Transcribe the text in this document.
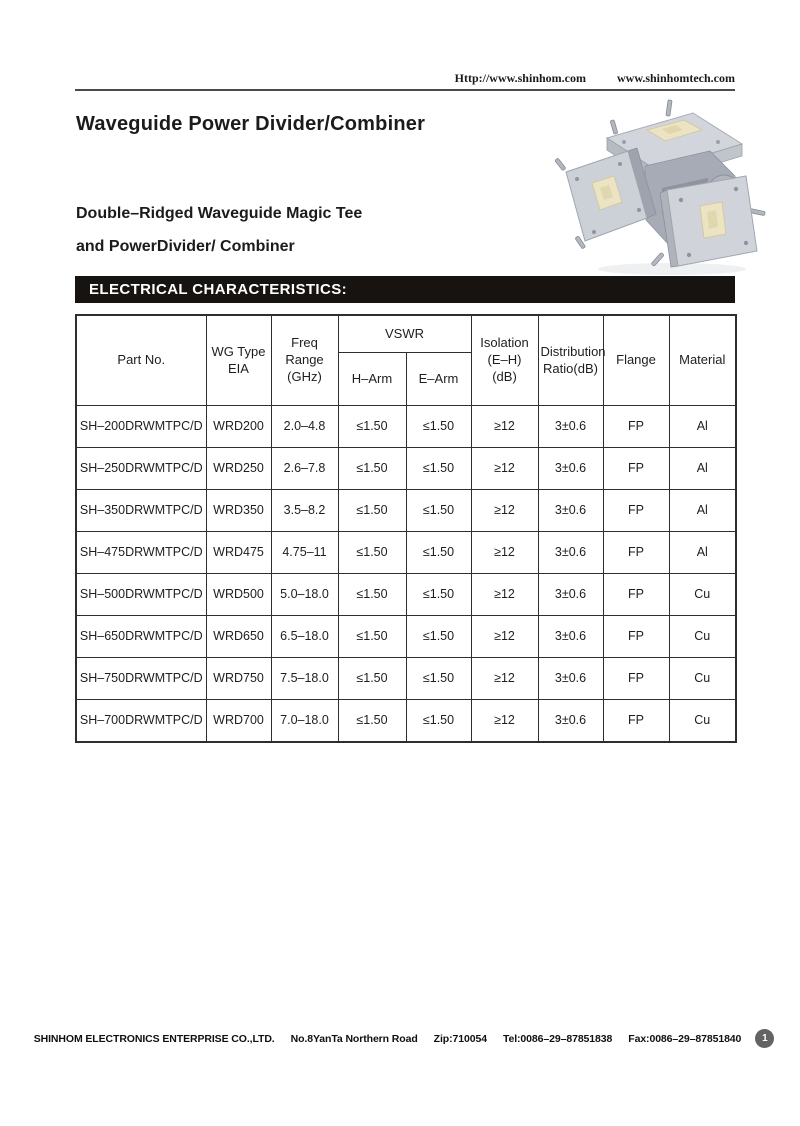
Http://www.shinhom.com	www.shinhomtech.com
Waveguide Power Divider/Combiner
Double–Ridged Waveguide Magic Tee
and PowerDivider/ Combiner
ELECTRICAL CHARACTERISTICS:
Part No.	WG Type EIA	Freq Range (GHz)	VSWR		Isolation (E–H) (dB)	Distribution Ratio(dB)	Flange	Material
			H–Arm	E–Arm				
SH–200DRWMTPC/D	WRD200	2.0–4.8	≤1.50	≤1.50	≥12	3±0.6	FP	Al
SH–250DRWMTPC/D	WRD250	2.6–7.8	≤1.50	≤1.50	≥12	3±0.6	FP	Al
SH–350DRWMTPC/D	WRD350	3.5–8.2	≤1.50	≤1.50	≥12	3±0.6	FP	Al
SH–475DRWMTPC/D	WRD475	4.75–11	≤1.50	≤1.50	≥12	3±0.6	FP	Al
SH–500DRWMTPC/D	WRD500	5.0–18.0	≤1.50	≤1.50	≥12	3±0.6	FP	Cu
SH–650DRWMTPC/D	WRD650	6.5–18.0	≤1.50	≤1.50	≥12	3±0.6	FP	Cu
SH–750DRWMTPC/D	WRD750	7.5–18.0	≤1.50	≤1.50	≥12	3±0.6	FP	Cu
SH–700DRWMTPC/D	WRD700	7.0–18.0	≤1.50	≤1.50	≥12	3±0.6	FP	Cu
SHINHOM ELECTRONICS ENTERPRISE CO.,LTD. No.8YanTa Northern Road Zip:710054 Tel:0086–29–87851838 Fax:0086–29–87851840	1
